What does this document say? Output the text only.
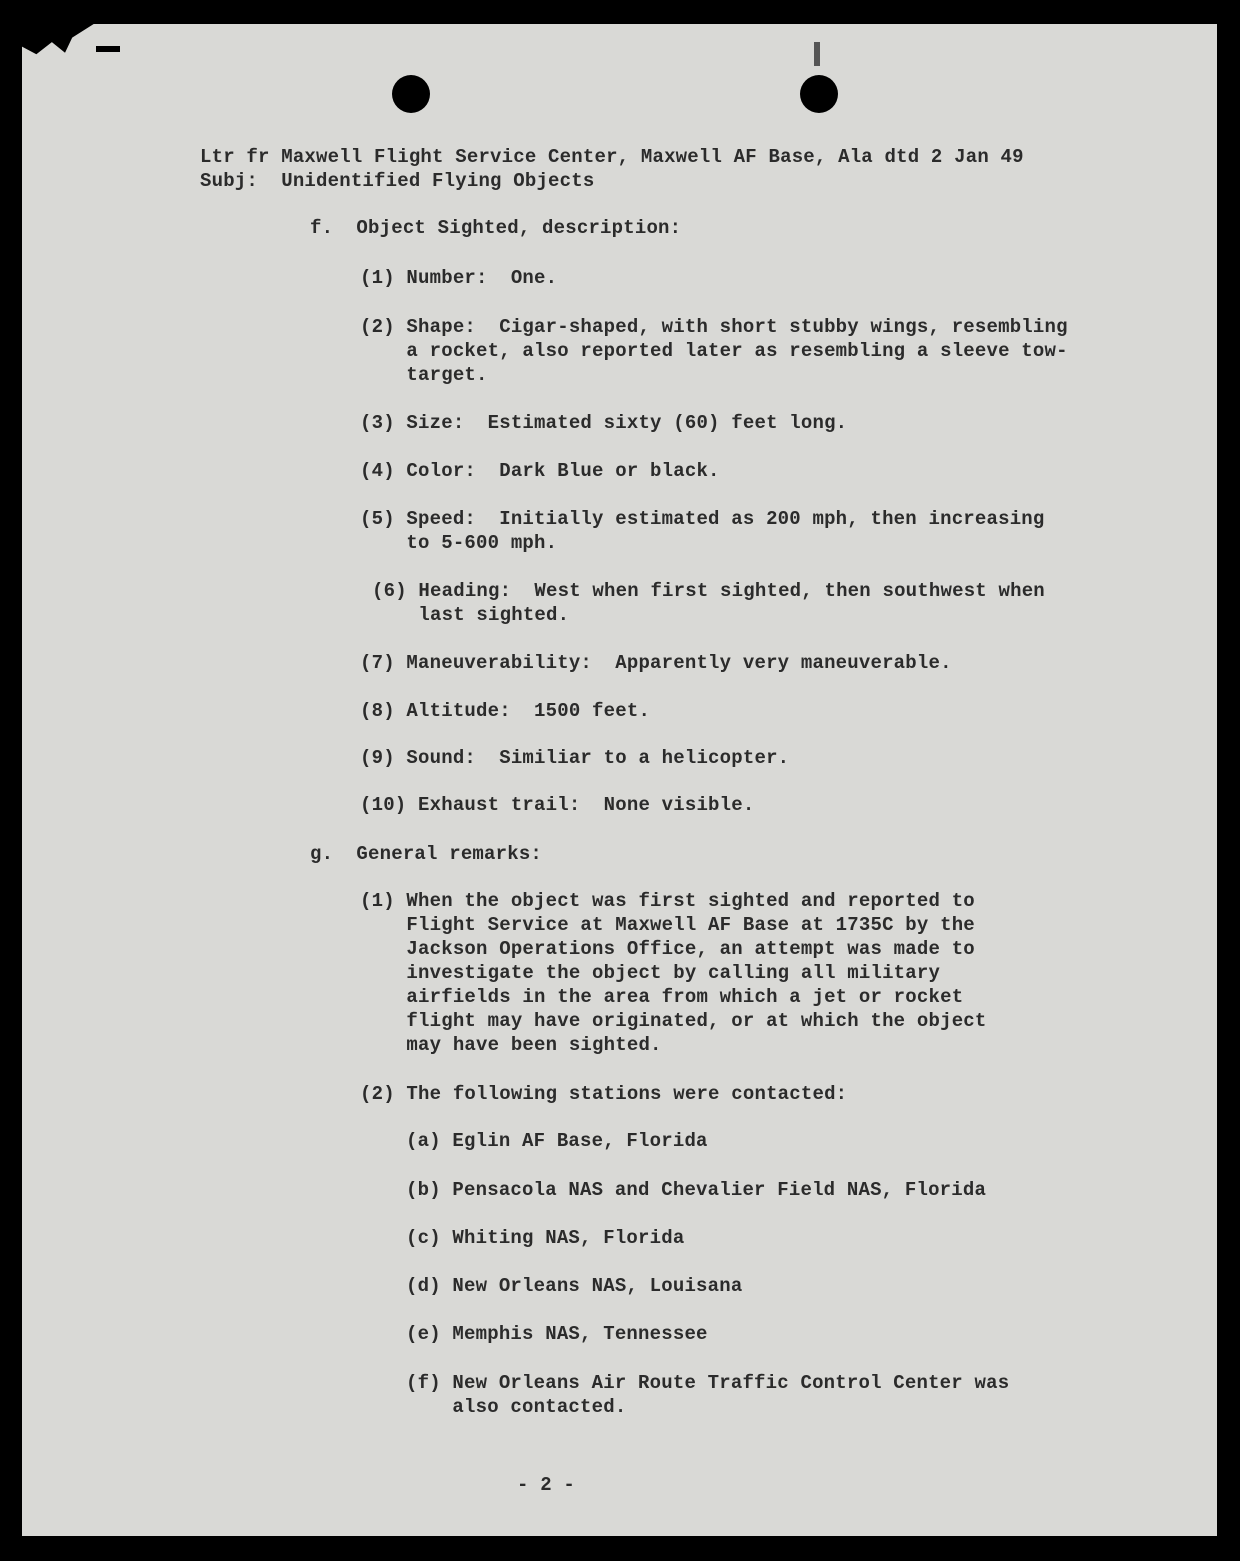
Ltr fr Maxwell Flight Service Center, Maxwell AF Base, Ala dtd 2 Jan 49
Subj:  Unidentified Flying Objects
f.  Object Sighted, description:
(1) Number:  One.
(2) Shape:  Cigar-shaped, with short stubby wings, resembling
a rocket, also reported later as resembling a sleeve tow-
target.
(3) Size:  Estimated sixty (60) feet long.
(4) Color:  Dark Blue or black.
(5) Speed:  Initially estimated as 200 mph, then increasing
to 5-600 mph.
(6) Heading:  West when first sighted, then southwest when
last sighted.
(7) Maneuverability:  Apparently very maneuverable.
(8) Altitude:  1500 feet.
(9) Sound:  Similiar to a helicopter.
(10) Exhaust trail:  None visible.
g.  General remarks:
(1) When the object was first sighted and reported to
Flight Service at Maxwell AF Base at 1735C by the
Jackson Operations Office, an attempt was made to
investigate the object by calling all military
airfields in the area from which a jet or rocket
flight may have originated, or at which the object
may have been sighted.
(2) The following stations were contacted:
(a) Eglin AF Base, Florida
(b) Pensacola NAS and Chevalier Field NAS, Florida
(c) Whiting NAS, Florida
(d) New Orleans NAS, Louisana
(e) Memphis NAS, Tennessee
(f) New Orleans Air Route Traffic Control Center was
also contacted.
- 2 -
